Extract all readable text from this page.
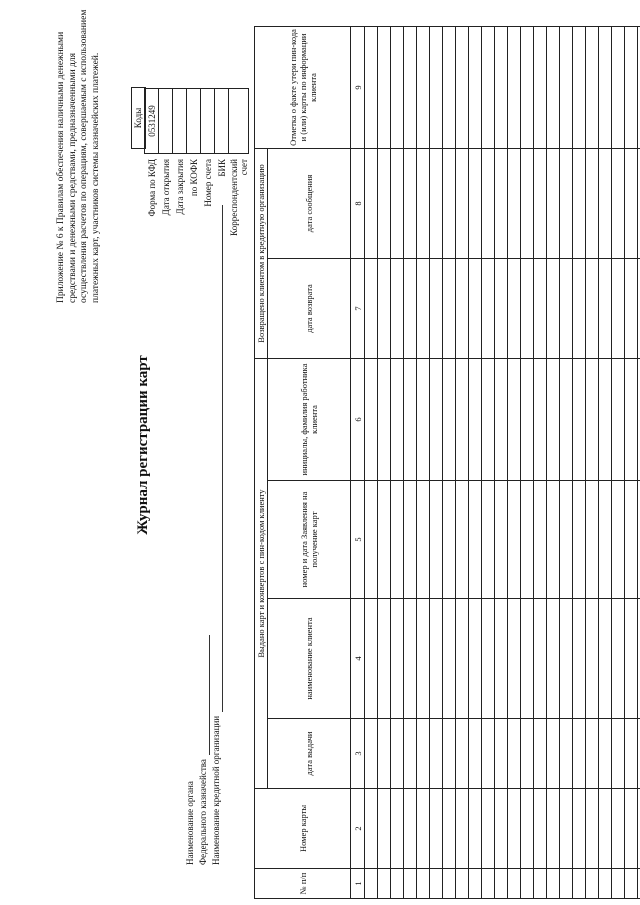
Приложение № 6 к Правилам обеспечения наличными денежными средствами и денежными средствами, предназначенными для осуществления расчетов по операциям, совершаемым с использованием платежных карт, участников системы казначейских платежей.
Журнал регистрации карт
Коды
Форма по КФД	0531249
Дата открытия	
Дата закрытия	
по КОФК	
Номер счета	
БИК	
Корреспондентский счет	
Наименование органа Федерального казначейства Наименование кредитной организации
№ п/п	Номер карты	Выдано карт и конвертов с пин-кодом клиенту				Возвращено клиентом в кредитную организацию		Отметка о факте утери пин-кода и (или) карты по информации клиента
		дата выдачи	наименование клиента	номер и дата Заявления на получение карт	инициалы, фамилия работника клиента	дата возврата	дата сообщения	
1	2	3	4	5	6	7	8	9
